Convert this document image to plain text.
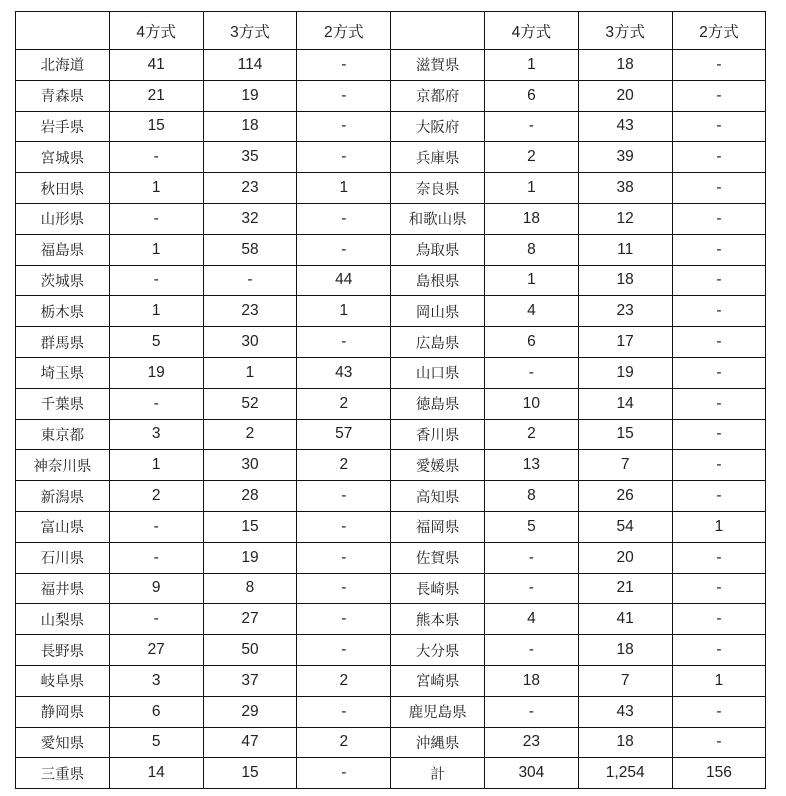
	4方式	3方式	2方式		4方式	3方式	2方式
北海道	41	114	-	滋賀県	1	18	-
青森県	21	19	-	京都府	6	20	-
岩手県	15	18	-	大阪府	-	43	-
宮城県	-	35	-	兵庫県	2	39	-
秋田県	1	23	1	奈良県	1	38	-
山形県	-	32	-	和歌山県	18	12	-
福島県	1	58	-	鳥取県	8	11	-
茨城県	-	-	44	島根県	1	18	-
栃木県	1	23	1	岡山県	4	23	-
群馬県	5	30	-	広島県	6	17	-
埼玉県	19	1	43	山口県	-	19	-
千葉県	-	52	2	徳島県	10	14	-
東京都	3	2	57	香川県	2	15	-
神奈川県	1	30	2	愛媛県	13	7	-
新潟県	2	28	-	高知県	8	26	-
富山県	-	15	-	福岡県	5	54	1
石川県	-	19	-	佐賀県	-	20	-
福井県	9	8	-	長崎県	-	21	-
山梨県	-	27	-	熊本県	4	41	-
長野県	27	50	-	大分県	-	18	-
岐阜県	3	37	2	宮崎県	18	7	1
静岡県	6	29	-	鹿児島県	-	43	-
愛知県	5	47	2	沖縄県	23	18	-
三重県	14	15	-	計	304	1,254	156
